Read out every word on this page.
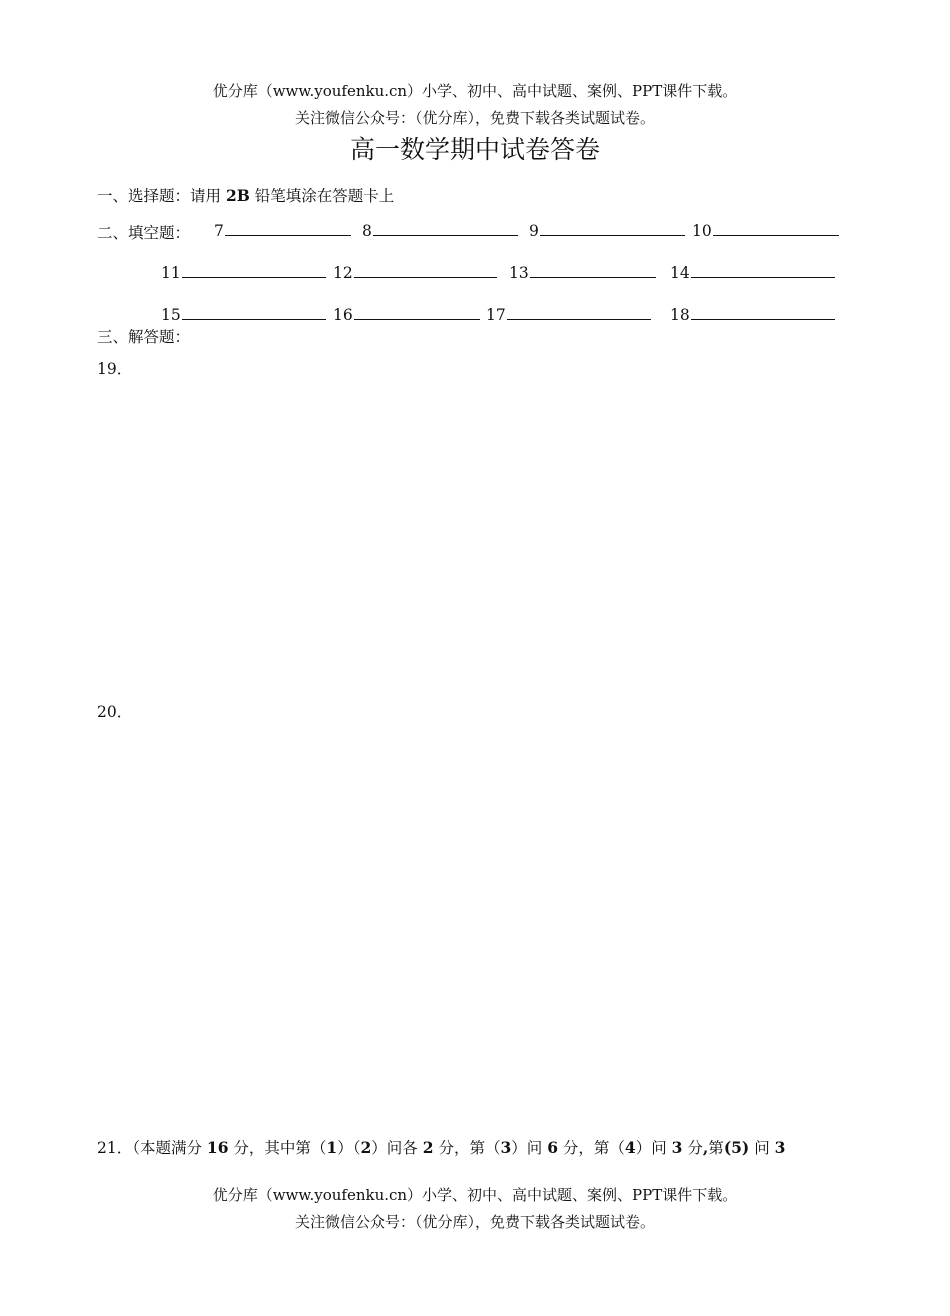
优分库（www.youfenku.cn）小学、初中、高中试题、案例、PPT课件下载。
关注微信公众号：（优分库），免费下载各类试题试卷。
高一数学期中试卷答卷
一、选择题：请用 2B 铅笔填涂在答题卡上
二、填空题： 7	8	9	10
11	12	13	14
15	16	17	18
三、解答题：
19．
20．
21．（本题满分 16 分，其中第（1）（2）问各 2 分，第（3）问 6 分，第（4）问 3 分,第(5) 问 3
优分库（www.youfenku.cn）小学、初中、高中试题、案例、PPT课件下载。
关注微信公众号：（优分库），免费下载各类试题试卷。
